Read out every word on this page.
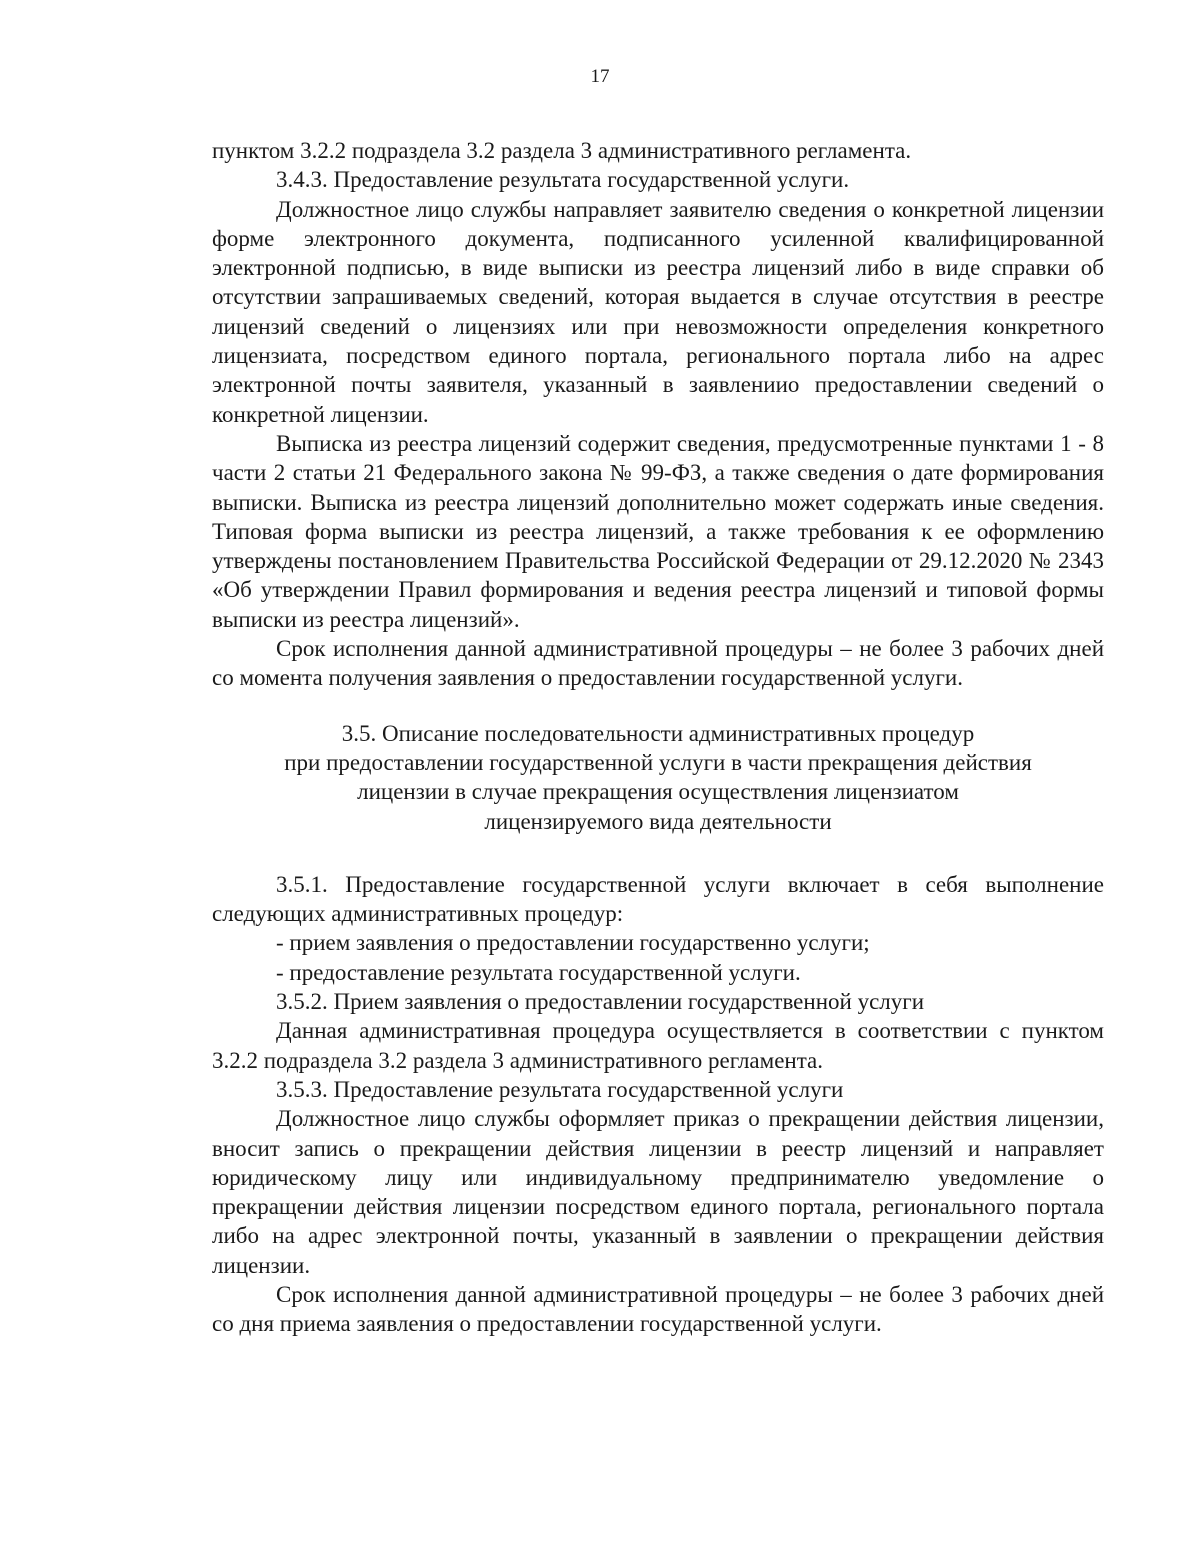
17

пунктом 3.2.2 подраздела 3.2 раздела 3 административного регламента.

3.4.3. Предоставление результата государственной услуги.

Должностное лицо службы направляет заявителю сведения о конкретной лицензии форме электронного документа, подписанного усиленной квалифицированной электронной подписью, в виде выписки из реестра лицензий либо в виде справки об отсутствии запрашиваемых сведений, которая выдается в случае отсутствия в реестре лицензий сведений о лицензиях или при невозможности определения конкретного лицензиата, посредством единого портала, регионального портала либо на адрес электронной почты заявителя, указанный в заявлениио предоставлении сведений о конкретной лицензии.

Выписка из реестра лицензий содержит сведения, предусмотренные пунктами 1 - 8 части 2 статьи 21 Федерального закона № 99-ФЗ, а также сведения о дате формирования выписки. Выписка из реестра лицензий дополнительно может содержать иные сведения. Типовая форма выписки из реестра лицензий, а также требования к ее оформлению утверждены постановлением Правительства Российской Федерации от 29.12.2020 № 2343 «Об утверждении Правил формирования и ведения реестра лицензий и типовой формы выписки из реестра лицензий».

Срок исполнения данной административной процедуры – не более 3 рабочих дней со момента получения заявления о предоставлении государственной услуги.

3.5. Описание последовательности административных процедур
при предоставлении государственной услуги в части прекращения действия
лицензии в случае прекращения осуществления лицензиатом
лицензируемого вида деятельности

3.5.1. Предоставление государственной услуги включает в себя выполнение следующих административных процедур:

- прием заявления о предоставлении государственно услуги;

- предоставление результата государственной услуги.

3.5.2. Прием заявления о предоставлении государственной услуги

Данная административная процедура осуществляется в соответствии с пунктом 3.2.2 подраздела 3.2 раздела 3 административного регламента.

3.5.3. Предоставление результата государственной услуги

Должностное лицо службы оформляет приказ о прекращении действия лицензии, вносит запись о прекращении действия лицензии в реестр лицензий и направляет юридическому лицу или индивидуальному предпринимателю уведомление о прекращении действия лицензии посредством единого портала, регионального портала либо на адрес электронной почты, указанный в заявлении о прекращении действия лицензии.

Срок исполнения данной административной процедуры – не более 3 рабочих дней со дня приема заявления о предоставлении государственной услуги.
